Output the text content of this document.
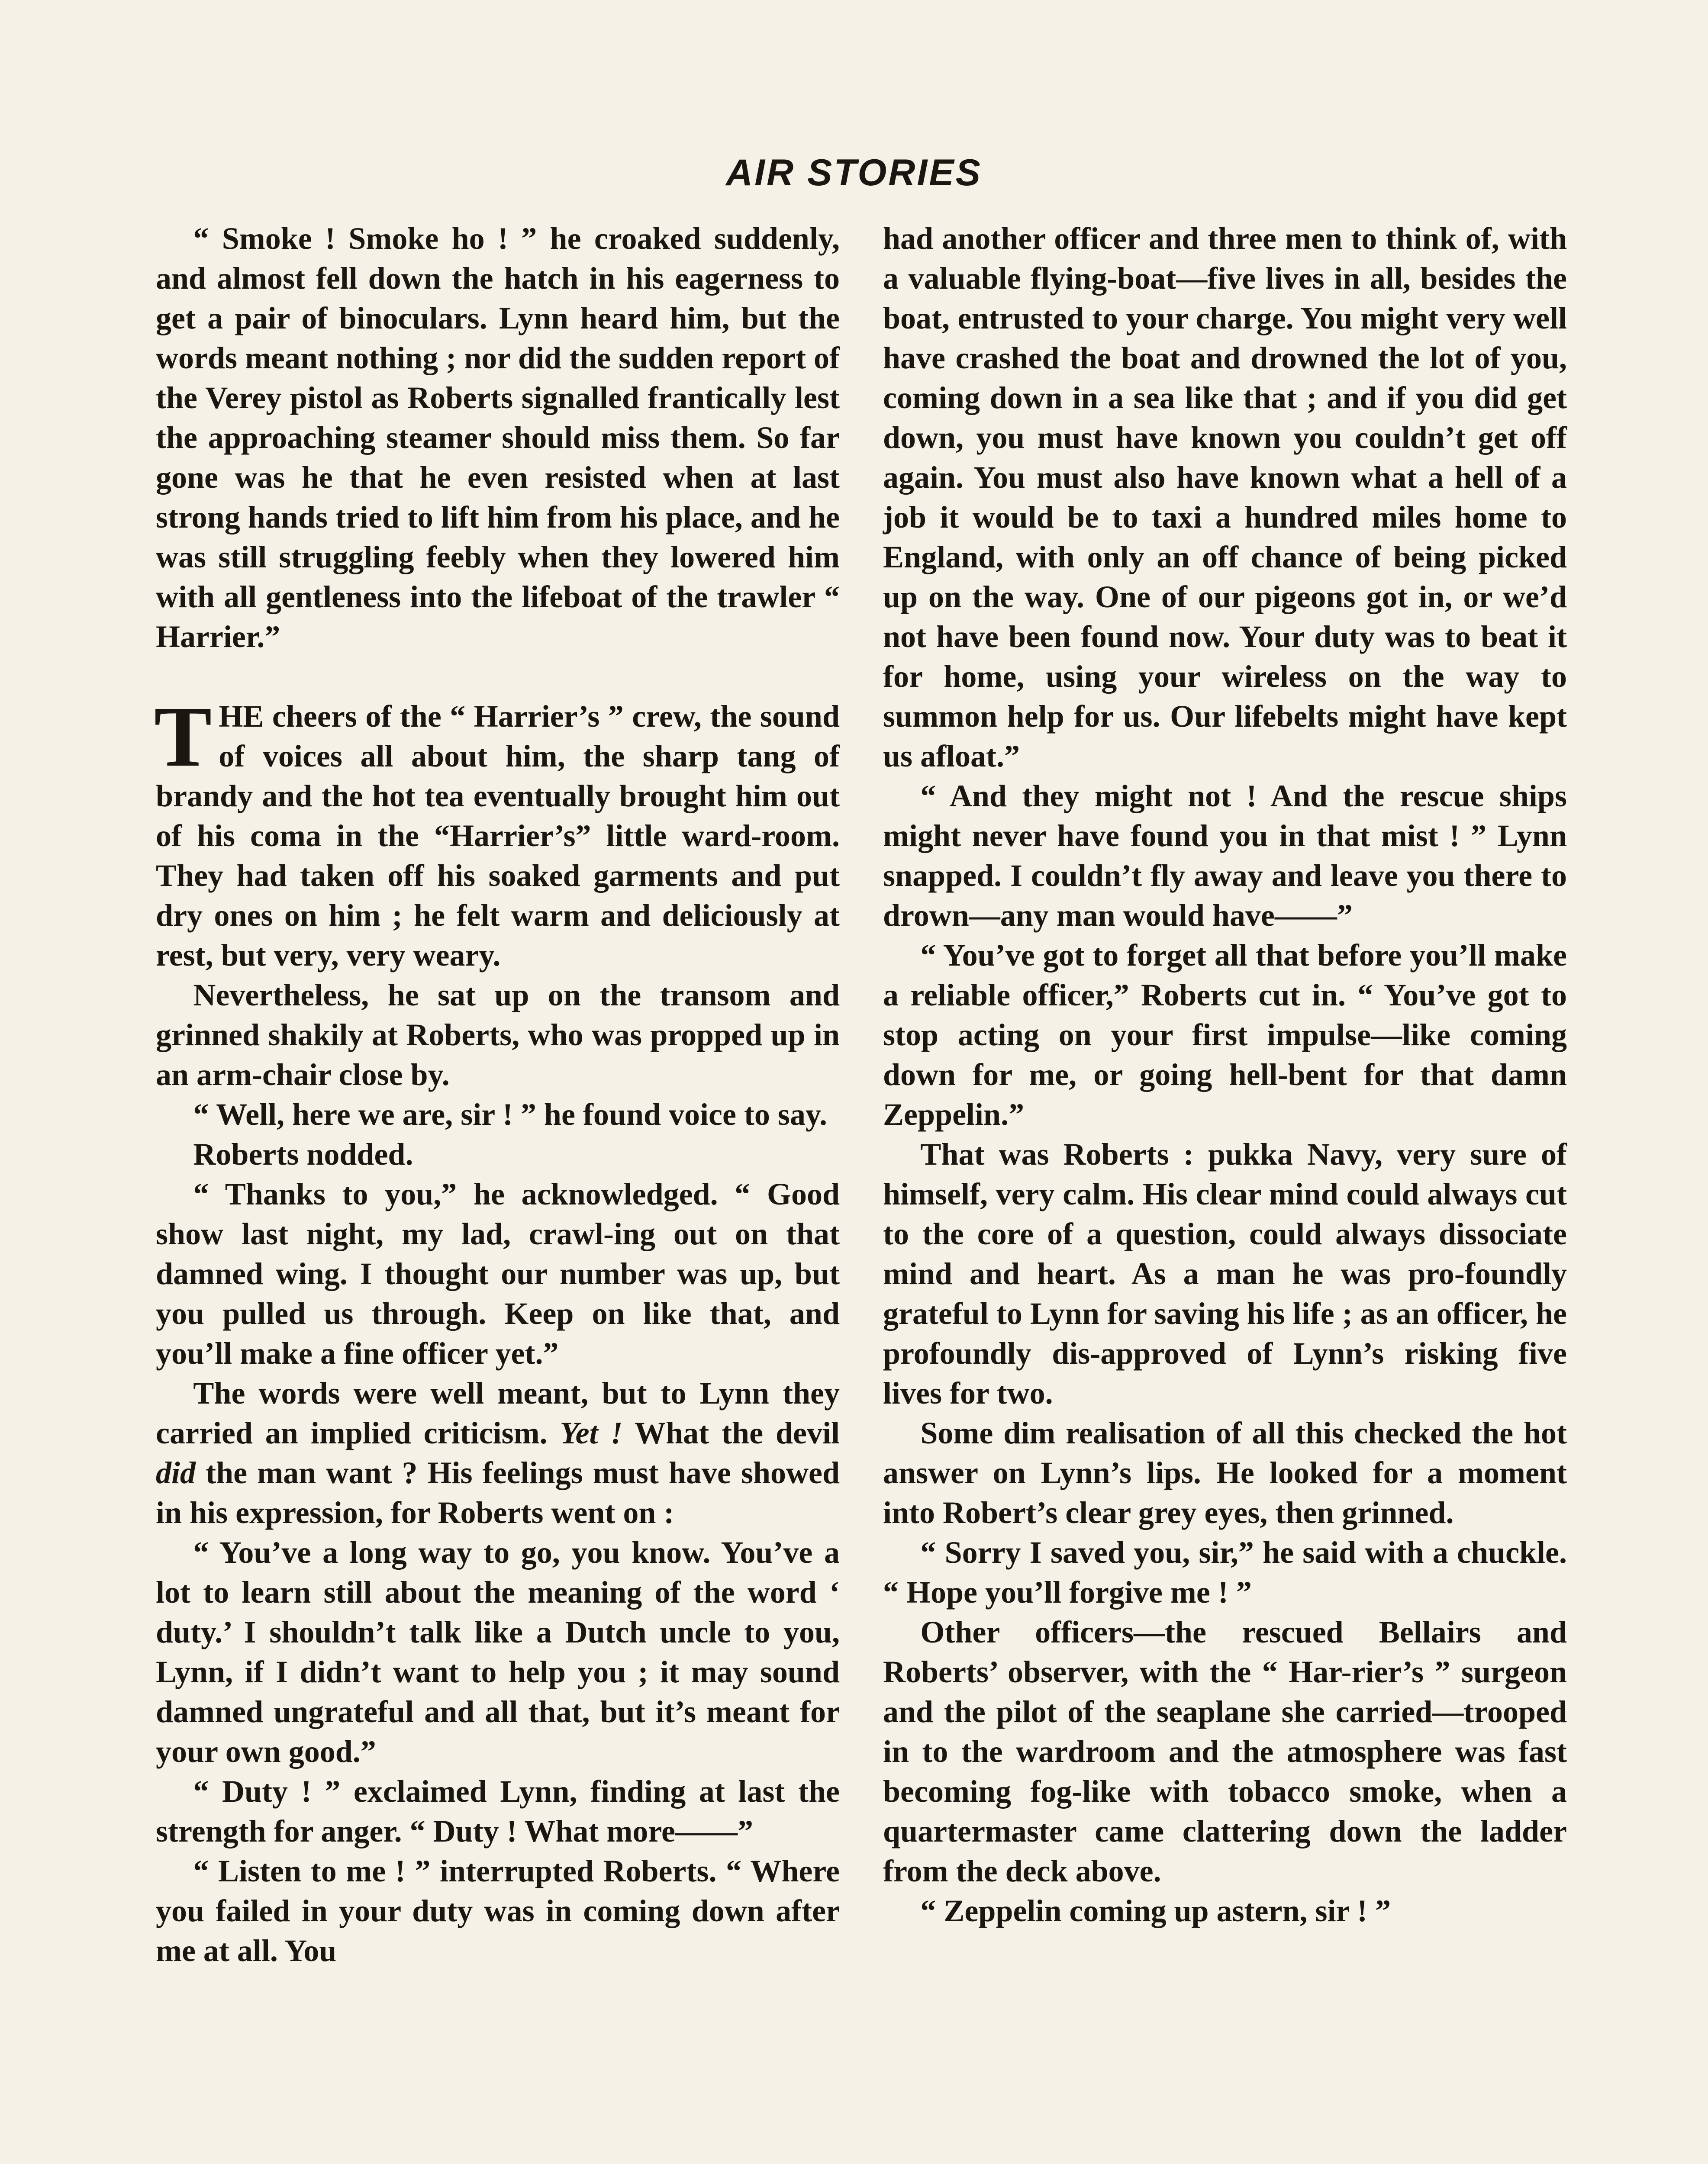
AIR STORIES

“ Smoke ! Smoke ho ! ” he croaked suddenly, and almost fell down the hatch in his eagerness to get a pair of binoculars. Lynn heard him, but the words meant nothing ; nor did the sudden report of the Verey pistol as Roberts signalled frantically lest the approaching steamer should miss them. So far gone was he that he even resisted when at last strong hands tried to lift him from his place, and he was still struggling feebly when they lowered him with all gentleness into the lifeboat of the trawler “ Harrier.”

THE cheers of the “ Harrier’s ” crew, the sound of voices all about him, the sharp tang of brandy and the hot tea eventually brought him out of his coma in the “Harrier’s” little ward-room. They had taken off his soaked garments and put dry ones on him ; he felt warm and deliciously at rest, but very, very weary.

Nevertheless, he sat up on the transom and grinned shakily at Roberts, who was propped up in an arm-chair close by.

“ Well, here we are, sir ! ” he found voice to say.

Roberts nodded.

“ Thanks to you,” he acknowledged. “ Good show last night, my lad, crawl-ing out on that damned wing. I thought our number was up, but you pulled us through. Keep on like that, and you’ll make a fine officer yet.”

The words were well meant, but to Lynn they carried an implied criticism. Yet ! What the devil did the man want ? His feelings must have showed in his expression, for Roberts went on :

“ You’ve a long way to go, you know. You’ve a lot to learn still about the meaning of the word ‘ duty.’ I shouldn’t talk like a Dutch uncle to you, Lynn, if I didn’t want to help you ; it may sound damned ungrateful and all that, but it’s meant for your own good.”

“ Duty ! ” exclaimed Lynn, finding at last the strength for anger. “ Duty ! What more——”

“ Listen to me ! ” interrupted Roberts. “ Where you failed in your duty was in coming down after me at all. You

had another officer and three men to think of, with a valuable flying-boat—five lives in all, besides the boat, entrusted to your charge. You might very well have crashed the boat and drowned the lot of you, coming down in a sea like that ; and if you did get down, you must have known you couldn’t get off again. You must also have known what a hell of a job it would be to taxi a hundred miles home to England, with only an off chance of being picked up on the way. One of our pigeons got in, or we’d not have been found now. Your duty was to beat it for home, using your wireless on the way to summon help for us. Our lifebelts might have kept us afloat.”

“ And they might not ! And the rescue ships might never have found you in that mist ! ” Lynn snapped. I couldn’t fly away and leave you there to drown—any man would have——”

“ You’ve got to forget all that before you’ll make a reliable officer,” Roberts cut in. “ You’ve got to stop acting on your first impulse—like coming down for me, or going hell-bent for that damn Zeppelin.”

That was Roberts : pukka Navy, very sure of himself, very calm. His clear mind could always cut to the core of a question, could always dissociate mind and heart. As a man he was pro-foundly grateful to Lynn for saving his life ; as an officer, he profoundly dis-approved of Lynn’s risking five lives for two.

Some dim realisation of all this checked the hot answer on Lynn’s lips. He looked for a moment into Robert’s clear grey eyes, then grinned.

“ Sorry I saved you, sir,” he said with a chuckle. “ Hope you’ll forgive me ! ”

Other officers—the rescued Bellairs and Roberts’ observer, with the “ Har-rier’s ” surgeon and the pilot of the seaplane she carried—trooped in to the wardroom and the atmosphere was fast becoming fog-like with tobacco smoke, when a quartermaster came clattering down the ladder from the deck above.

“ Zeppelin coming up astern, sir ! ”
